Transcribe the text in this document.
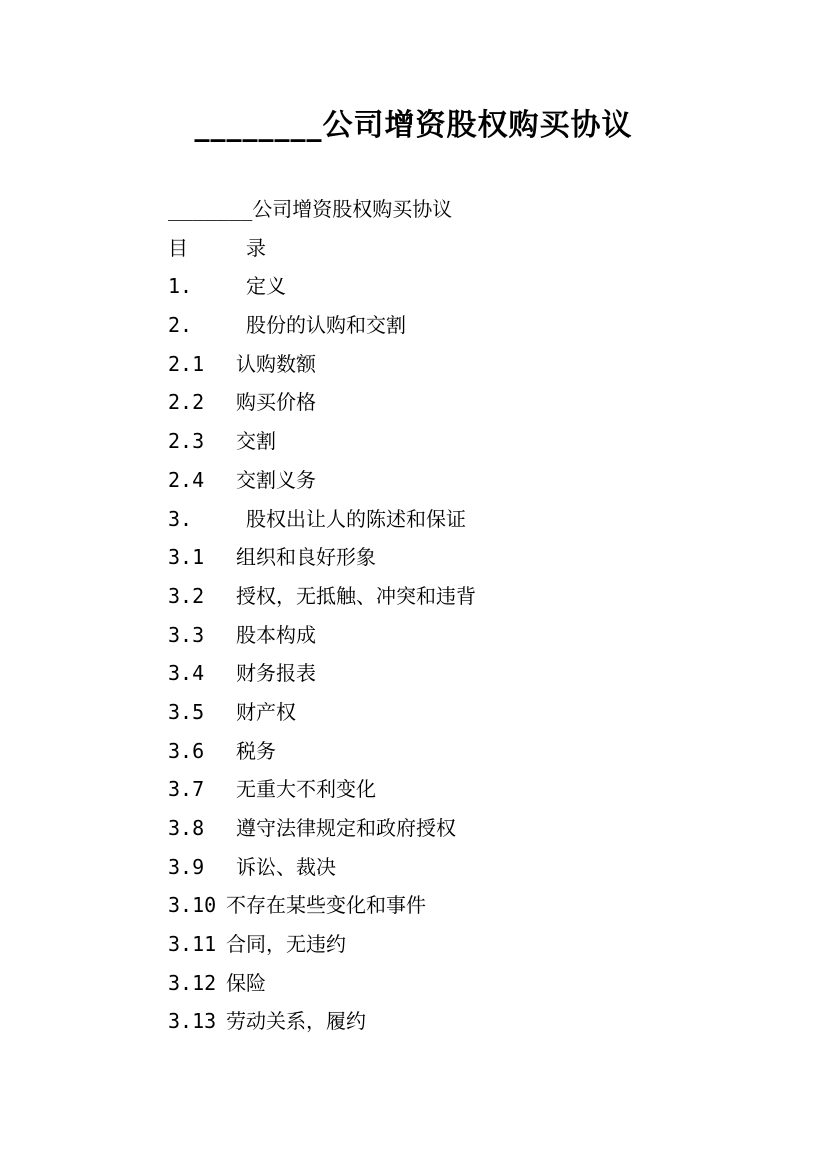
________公司增资股权购买协议
_______公司增资股权购买协议
目	录
1.	定义
2.	股份的认购和交割
2.1 认购数额
2.2 购买价格
2.3 交割
2.4 交割义务
3.	股权出让人的陈述和保证
3.1 组织和良好形象
3.2 授权，无抵触、冲突和违背
3.3 股本构成
3.4 财务报表
3.5 财产权
3.6 税务
3.7 无重大不利变化
3.8 遵守法律规定和政府授权
3.9 诉讼、裁决
3.10 不存在某些变化和事件
3.11 合同，无违约
3.12 保险
3.13 劳动关系，履约
